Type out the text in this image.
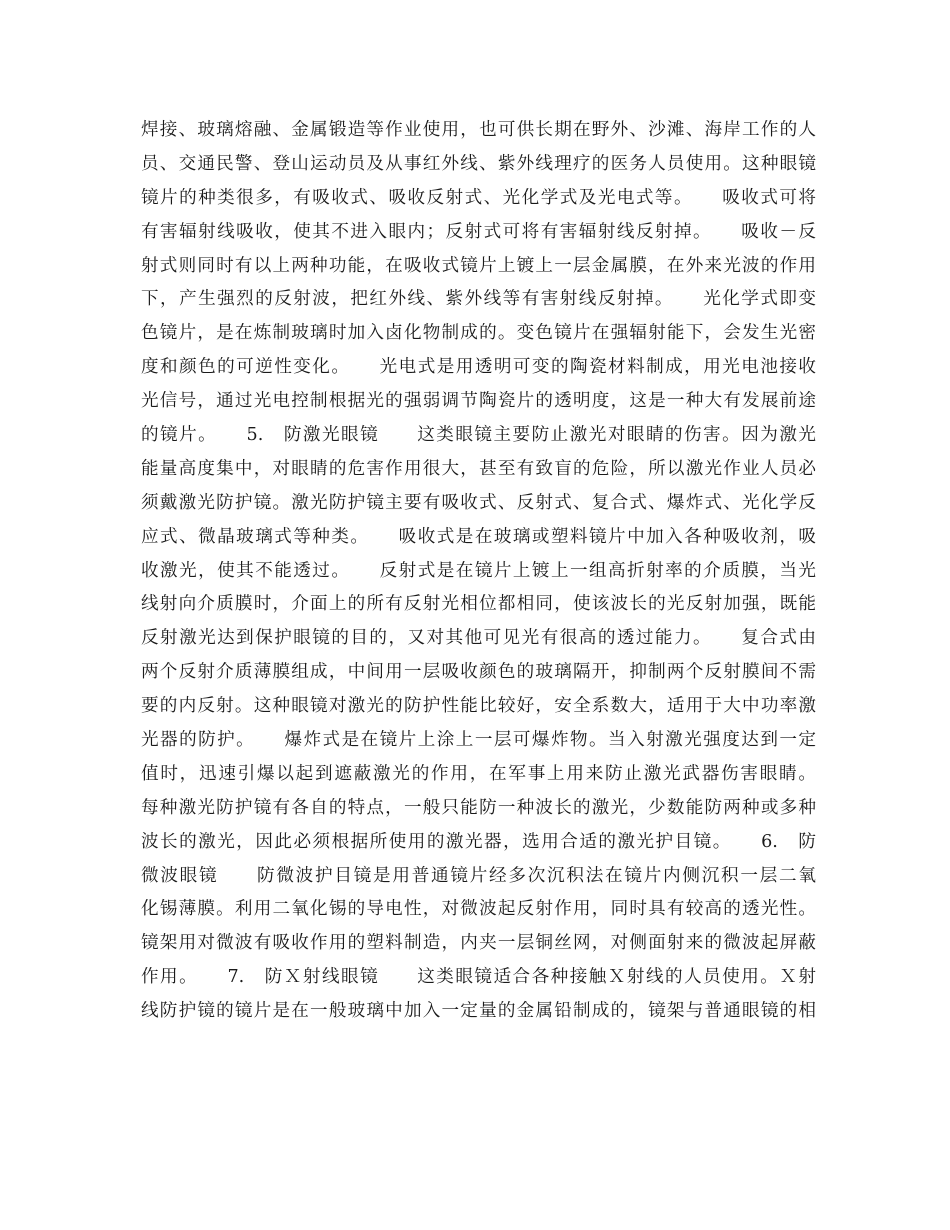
焊接、玻璃熔融、金属锻造等作业使用，也可供长期在野外、沙滩、海岸工作的人
员、交通民警、登山运动员及从事红外线、紫外线理疗的医务人员使用。这种眼镜
镜片的种类很多，有吸收式、吸收反射式、光化学式及光电式等。　　吸收式可将
有害辐射线吸收，使其不进入眼内；反射式可将有害辐射线反射掉。　　吸收－反
射式则同时有以上两种功能，在吸收式镜片上镀上一层金属膜，在外来光波的作用
下，产生强烈的反射波，把红外线、紫外线等有害射线反射掉。　　光化学式即变
色镜片，是在炼制玻璃时加入卤化物制成的。变色镜片在强辐射能下，会发生光密
度和颜色的可逆性变化。　　光电式是用透明可变的陶瓷材料制成，用光电池接收
光信号，通过光电控制根据光的强弱调节陶瓷片的透明度，这是一种大有发展前途
的镜片。　　5.　防激光眼镜　　这类眼镜主要防止激光对眼睛的伤害。因为激光
能量高度集中，对眼睛的危害作用很大，甚至有致盲的危险，所以激光作业人员必
须戴激光防护镜。激光防护镜主要有吸收式、反射式、复合式、爆炸式、光化学反
应式、微晶玻璃式等种类。　　吸收式是在玻璃或塑料镜片中加入各种吸收剂，吸
收激光，使其不能透过。　　反射式是在镜片上镀上一组高折射率的介质膜，当光
线射向介质膜时，介面上的所有反射光相位都相同，使该波长的光反射加强，既能
反射激光达到保护眼镜的目的，又对其他可见光有很高的透过能力。　　复合式由
两个反射介质薄膜组成，中间用一层吸收颜色的玻璃隔开，抑制两个反射膜间不需
要的内反射。这种眼镜对激光的防护性能比较好，安全系数大，适用于大中功率激
光器的防护。　　爆炸式是在镜片上涂上一层可爆炸物。当入射激光强度达到一定
值时，迅速引爆以起到遮蔽激光的作用，在军事上用来防止激光武器伤害眼睛。
每种激光防护镜有各自的特点，一般只能防一种波长的激光，少数能防两种或多种
波长的激光，因此必须根据所使用的激光器，选用合适的激光护目镜。　　6.　防
微波眼镜　　防微波护目镜是用普通镜片经多次沉积法在镜片内侧沉积一层二氧
化锡薄膜。利用二氧化锡的导电性，对微波起反射作用，同时具有较高的透光性。
镜架用对微波有吸收作用的塑料制造，内夹一层铜丝网，对侧面射来的微波起屏蔽
作用。　　7.　防Ｘ射线眼镜　　这类眼镜适合各种接触Ｘ射线的人员使用。Ｘ射
线防护镜的镜片是在一般玻璃中加入一定量的金属铅制成的，镜架与普通眼镜的相
